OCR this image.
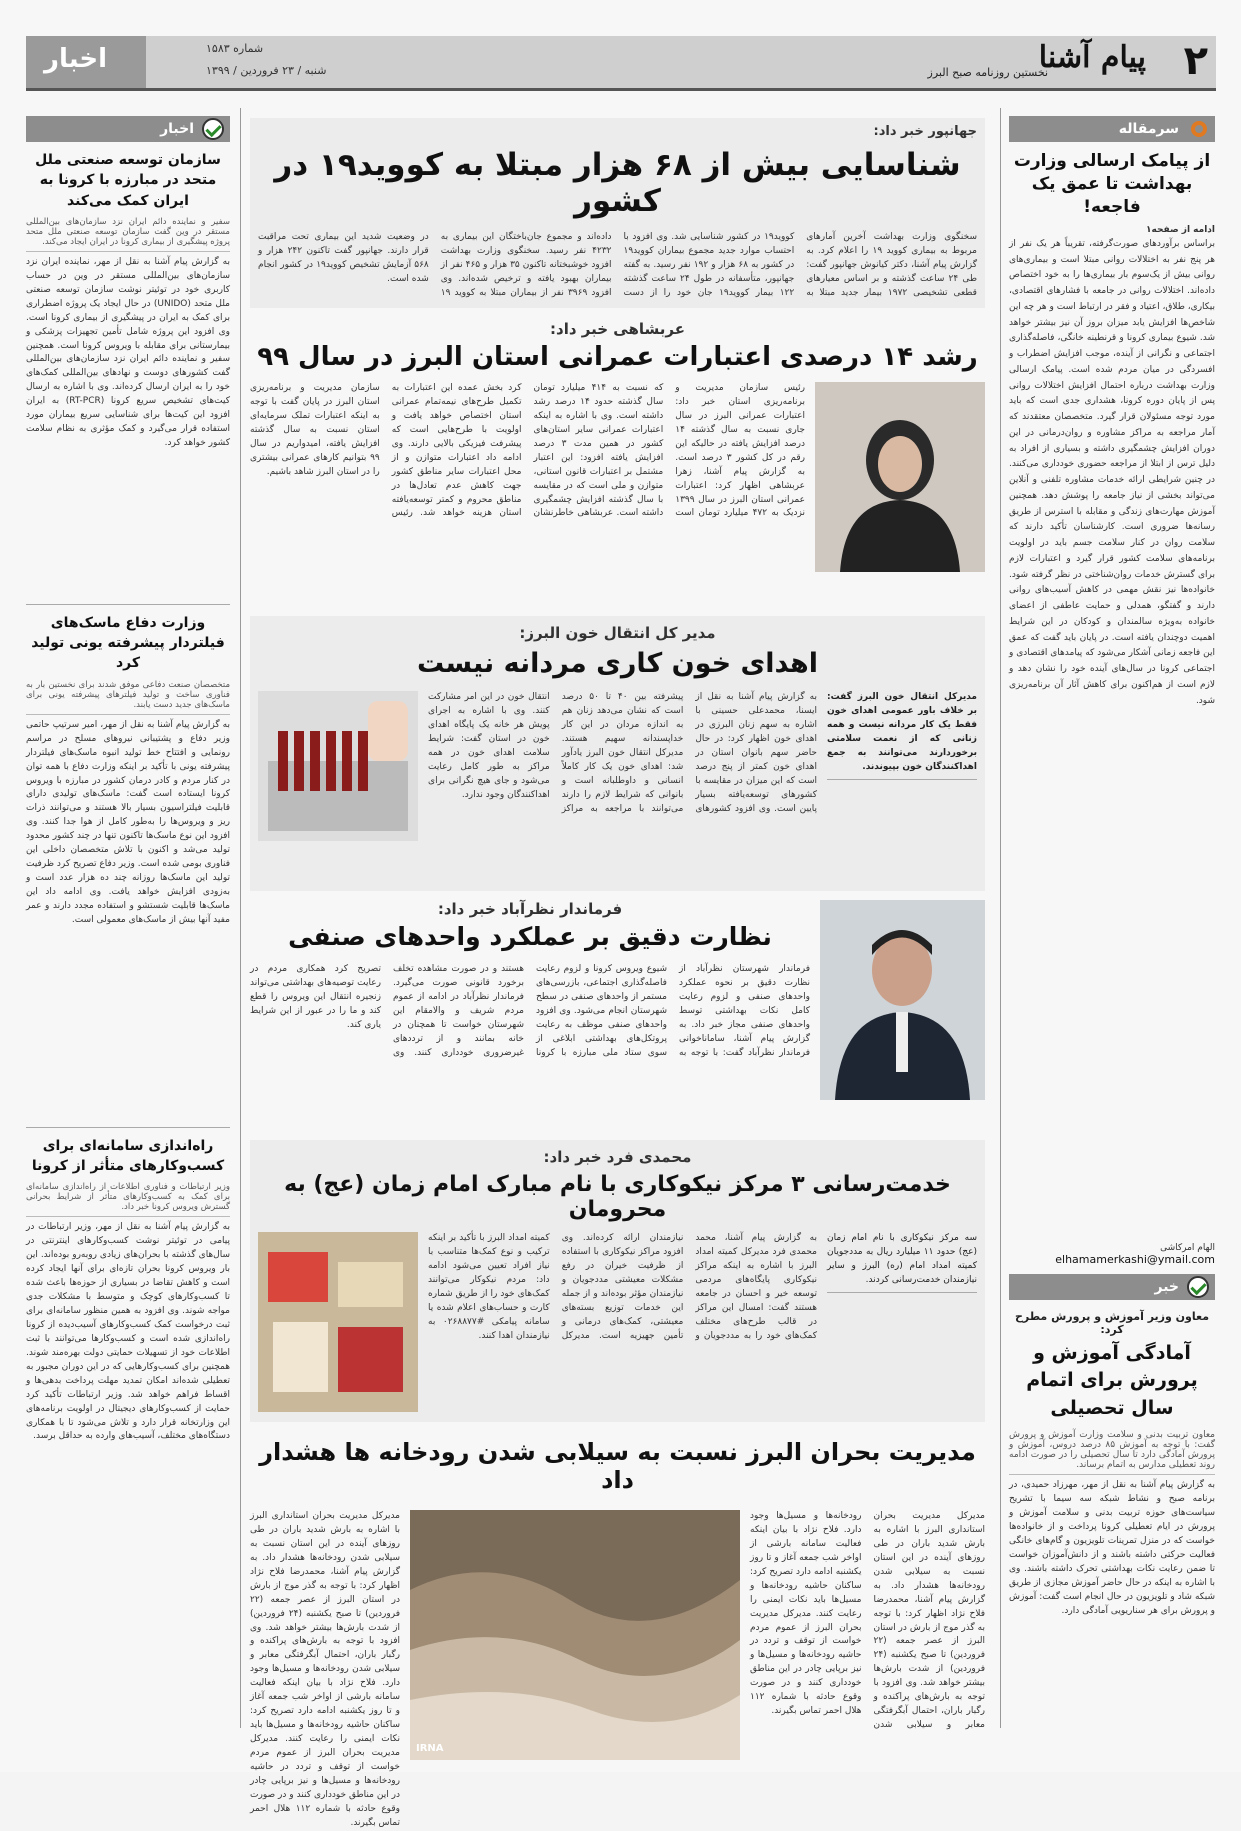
اخبار	۲
پیام آشنا
نخستین روزنامه صبح البرز
شماره ۱۵۸۳
شنبه / ۲۳ فروردین / ۱۳۹۹
سرمقاله
از پیامک ارسالی وزارت بهداشت تا عمق یک فاجعه!
ادامه از صفحه۱
براساس برآوردهای صورت‌گرفته، تقریباً هر یک نفر از هر پنج نفر به اختلالات روانی مبتلا است و بیماری‌های روانی بیش از یک‌سوم بار بیماری‌ها را به خود اختصاص داده‌اند. اختلالات روانی در جامعه با فشارهای اقتصادی، بیکاری، طلاق، اعتیاد و فقر در ارتباط است و هر چه این شاخص‌ها افزایش یابد میزان بروز آن نیز بیشتر خواهد شد. شیوع بیماری کرونا و قرنطینه خانگی، فاصله‌گذاری اجتماعی و نگرانی از آینده، موجب افزایش اضطراب و افسردگی در میان مردم شده است. پیامک ارسالی وزارت بهداشت درباره احتمال افزایش اختلالات روانی پس از پایان دوره کرونا، هشداری جدی است که باید مورد توجه مسئولان قرار گیرد. متخصصان معتقدند که آمار مراجعه به مراکز مشاوره و روان‌درمانی در این دوران افزایش چشمگیری داشته و بسیاری از افراد به دلیل ترس از ابتلا از مراجعه حضوری خودداری می‌کنند. در چنین شرایطی ارائه خدمات مشاوره تلفنی و آنلاین می‌تواند بخشی از نیاز جامعه را پوشش دهد. همچنین آموزش مهارت‌های زندگی و مقابله با استرس از طریق رسانه‌ها ضروری است. کارشناسان تأکید دارند که سلامت روان در کنار سلامت جسم باید در اولویت برنامه‌های سلامت کشور قرار گیرد و اعتبارات لازم برای گسترش خدمات روان‌شناختی در نظر گرفته شود. خانواده‌ها نیز نقش مهمی در کاهش آسیب‌های روانی دارند و گفتگو، همدلی و حمایت عاطفی از اعضای خانواده به‌ویژه سالمندان و کودکان در این شرایط اهمیت دوچندان یافته است. در پایان باید گفت که عمق این فاجعه زمانی آشکار می‌شود که پیامدهای اقتصادی و اجتماعی کرونا در سال‌های آینده خود را نشان دهد و لازم است از هم‌اکنون برای کاهش آثار آن برنامه‌ریزی شود.
الهام امرکاشی
elhamamerkashi@ymail.com
خبر
معاون وزیر آموزش و پرورش مطرح کرد:
آمادگی آموزش و پرورش برای اتمام سال تحصیلی
معاون تربیت بدنی و سلامت وزارت آموزش و پرورش گفت: با توجه به آموزش ۸۵ درصد دروس، آموزش و پرورش آمادگی دارد تا سال تحصیلی را در صورت ادامه روند تعطیلی مدارس به اتمام برساند.
به گزارش پیام آشنا به نقل از مهر، مهرزاد حمیدی، در برنامه صبح و نشاط شبکه سه سیما با تشریح سیاست‌های حوزه تربیت بدنی و سلامت آموزش و پرورش در ایام تعطیلی کرونا پرداخت و از خانواده‌ها خواست که در منزل تمرینات تلویزیون و گام‌های خانگی فعالیت حرکتی داشته باشند و از دانش‌آموزان خواست تا ضمن رعایت نکات بهداشتی تحرک داشته باشند. وی با اشاره به اینکه در حال حاضر آموزش مجازی از طریق شبکه شاد و تلویزیون در حال انجام است گفت: آموزش و پرورش برای هر سناریویی آمادگی دارد.
اخبار
سازمان توسعه صنعتی ملل متحد در مبارزه با کرونا به ایران کمک می‌کند
سفیر و نماینده دائم ایران نزد سازمان‌های بین‌المللی مستقر در وین گفت سازمان توسعه صنعتی ملل متحد پروژه پیشگیری از بیماری کرونا در ایران ایجاد می‌کند.
به گزارش پیام آشنا به نقل از مهر، نماینده ایران نزد سازمان‌های بین‌المللی مستقر در وین در حساب کاربری خود در توئیتر نوشت سازمان توسعه صنعتی ملل متحد (UNIDO) در حال ایجاد یک پروژه اضطراری برای کمک به ایران در پیشگیری از بیماری کرونا است. وی افزود این پروژه شامل تأمین تجهیزات پزشکی و بیمارستانی برای مقابله با ویروس کرونا است. همچنین سفیر و نماینده دائم ایران نزد سازمان‌های بین‌المللی گفت کشورهای دوست و نهادهای بین‌المللی کمک‌های خود را به ایران ارسال کرده‌اند. وی با اشاره به ارسال کیت‌های تشخیص سریع کرونا (RT-PCR) به ایران افزود این کیت‌ها برای شناسایی سریع بیماران مورد استفاده قرار می‌گیرد و کمک مؤثری به نظام سلامت کشور خواهد کرد.
وزارت دفاع ماسک‌های فیلتردار پیشرفته یونی تولید کرد
متخصصان صنعت دفاعی موفق شدند برای نخستین بار به فناوری ساخت و تولید فیلترهای پیشرفته یونی برای ماسک‌های جدید دست یابند.
به گزارش پیام آشنا به نقل از مهر، امیر سرتیپ حاتمی وزیر دفاع و پشتیبانی نیروهای مسلح در مراسم رونمایی و افتتاح خط تولید انبوه ماسک‌های فیلتردار پیشرفته یونی با تأکید بر اینکه وزارت دفاع با همه توان در کنار مردم و کادر درمان کشور در مبارزه با ویروس کرونا ایستاده است گفت: ماسک‌های تولیدی دارای قابلیت فیلتراسیون بسیار بالا هستند و می‌توانند ذرات ریز و ویروس‌ها را به‌طور کامل از هوا جدا کنند. وی افزود این نوع ماسک‌ها تاکنون تنها در چند کشور محدود تولید می‌شد و اکنون با تلاش متخصصان داخلی این فناوری بومی شده است. وزیر دفاع تصریح کرد ظرفیت تولید این ماسک‌ها روزانه چند ده هزار عدد است و به‌زودی افزایش خواهد یافت. وی ادامه داد این ماسک‌ها قابلیت شستشو و استفاده مجدد دارند و عمر مفید آنها بیش از ماسک‌های معمولی است.
راه‌اندازی سامانه‌ای برای کسب‌وکارهای متأثر از کرونا
وزیر ارتباطات و فناوری اطلاعات از راه‌اندازی سامانه‌ای برای کمک به کسب‌وکارهای متأثر از شرایط بحرانی گسترش ویروس کرونا خبر داد.
به گزارش پیام آشنا به نقل از مهر، وزیر ارتباطات در پیامی در توئیتر نوشت کسب‌وکارهای اینترنتی در سال‌های گذشته با بحران‌های زیادی روبه‌رو بوده‌اند. این بار ویروس کرونا بحران تازه‌ای برای آنها ایجاد کرده است و کاهش تقاضا در بسیاری از حوزه‌ها باعث شده تا کسب‌وکارهای کوچک و متوسط با مشکلات جدی مواجه شوند. وی افزود به همین منظور سامانه‌ای برای ثبت درخواست کمک کسب‌وکارهای آسیب‌دیده از کرونا راه‌اندازی شده است و کسب‌وکارها می‌توانند با ثبت اطلاعات خود از تسهیلات حمایتی دولت بهره‌مند شوند. همچنین برای کسب‌وکارهایی که در این دوران مجبور به تعطیلی شده‌اند امکان تمدید مهلت پرداخت بدهی‌ها و اقساط فراهم خواهد شد. وزیر ارتباطات تأکید کرد حمایت از کسب‌وکارهای دیجیتال در اولویت برنامه‌های این وزارتخانه قرار دارد و تلاش می‌شود تا با همکاری دستگاه‌های مختلف، آسیب‌های وارده به حداقل برسد.
جهانپور خبر داد:
شناسایی بیش از ۶۸ هزار مبتلا به کووید۱۹ در کشور
سخنگوی وزارت بهداشت آخرین آمارهای مربوط به بیماری کووید ۱۹ را اعلام کرد. به گزارش پیام آشنا، دکتر کیانوش جهانپور گفت: طی ۲۴ ساعت گذشته و بر اساس معیارهای قطعی تشخیصی ۱۹۷۲ بیمار جدید مبتلا به کووید۱۹ در کشور شناسایی شد. وی افزود با احتساب موارد جدید مجموع بیماران کووید۱۹ در کشور به ۶۸ هزار و ۱۹۲ نفر رسید. به گفته جهانپور، متأسفانه در طول ۲۴ ساعت گذشته ۱۲۲ بیمار کووید۱۹ جان خود را از دست داده‌اند و مجموع جان‌باختگان این بیماری به ۴۲۳۲ نفر رسید. سخنگوی وزارت بهداشت افزود خوشبختانه تاکنون ۳۵ هزار و ۴۶۵ نفر از بیماران بهبود یافته و ترخیص شده‌اند. وی افزود ۳۹۶۹ نفر از بیماران مبتلا به کووید ۱۹ در وضعیت شدید این بیماری تحت مراقبت قرار دارند. جهانپور گفت تاکنون ۲۴۲ هزار و ۵۶۸ آزمایش تشخیص کووید۱۹ در کشور انجام شده است.
عربشاهی خبر داد:
رشد ۱۴ درصدی اعتبارات عمرانی استان البرز در سال ۹۹
رئیس سازمان مدیریت و برنامه‌ریزی استان خبر داد: اعتبارات عمرانی البرز در سال جاری نسبت به سال گذشته ۱۴ درصد افزایش یافته در حالیکه این رقم در کل کشور ۳ درصد است. به گزارش پیام آشنا، زهرا عربشاهی اظهار کرد: اعتبارات عمرانی استان البرز در سال ۱۳۹۹ نزدیک به ۴۷۲ میلیارد تومان است که نسبت به ۴۱۴ میلیارد تومان سال گذشته حدود ۱۴ درصد رشد داشته است. وی با اشاره به اینکه اعتبارات عمرانی سایر استان‌های کشور در همین مدت ۳ درصد افزایش یافته افزود: این اعتبار مشتمل بر اعتبارات قانون استانی، متوازن و ملی است که در مقایسه با سال گذشته افزایش چشمگیری داشته است. عربشاهی خاطرنشان کرد بخش عمده این اعتبارات به تکمیل طرح‌های نیمه‌تمام عمرانی استان اختصاص خواهد یافت و اولویت با طرح‌هایی است که پیشرفت فیزیکی بالایی دارند. وی ادامه داد اعتبارات متوازن و از محل اعتبارات سایر مناطق کشور جهت کاهش عدم تعادل‌ها در مناطق محروم و کمتر توسعه‌یافته استان هزینه خواهد شد. رئیس سازمان مدیریت و برنامه‌ریزی استان البرز در پایان گفت با توجه به اینکه اعتبارات تملک سرمایه‌ای استان نسبت به سال گذشته افزایش یافته، امیدواریم در سال ۹۹ بتوانیم کارهای عمرانی بیشتری را در استان البرز شاهد باشیم.
مدیر کل انتقال خون البرز:
اهدای خون کاری مردانه نیست
مدیرکل انتقال خون البرز گفت: بر خلاف باور عمومی اهدای خون فقط یک کار مردانه نیست و همه زنانی که از نعمت سلامتی برخوردارند می‌توانند به جمع اهداکنندگان خون بپیوندند.
به گزارش پیام آشنا به نقل از ایسنا، محمدعلی حسینی با اشاره به سهم زنان البرزی در اهدای خون اظهار کرد: در حال حاضر سهم بانوان استان در اهدای خون کمتر از پنج درصد است که این میزان در مقایسه با کشورهای توسعه‌یافته بسیار پایین است. وی افزود کشورهای پیشرفته بین ۴۰ تا ۵۰ درصد است که نشان می‌دهد زنان هم به اندازه مردان در این کار خداپسندانه سهیم هستند. مدیرکل انتقال خون البرز یادآور شد: اهدای خون یک کار کاملاً انسانی و داوطلبانه است و بانوانی که شرایط لازم را دارند می‌توانند با مراجعه به مراکز انتقال خون در این امر مشارکت کنند. وی با اشاره به اجرای پویش هر خانه یک پایگاه اهدای خون در استان گفت: شرایط سلامت اهدای خون در همه مراکز به طور کامل رعایت می‌شود و جای هیچ نگرانی برای اهداکنندگان وجود ندارد.
فرماندار نظرآباد خبر داد:
نظارت دقیق بر عملکرد واحدهای صنفی
فرماندار شهرستان نظرآباد از نظارت دقیق بر نحوه عملکرد واحدهای صنفی و لزوم رعایت کامل نکات بهداشتی توسط واحدهای صنفی مجاز خبر داد. به گزارش پیام آشنا، ساماناخوانی فرماندار نظرآباد گفت: با توجه به شیوع ویروس کرونا و لزوم رعایت فاصله‌گذاری اجتماعی، بازرسی‌های مستمر از واحدهای صنفی در سطح شهرستان انجام می‌شود. وی افزود واحدهای صنفی موظف به رعایت پروتکل‌های بهداشتی ابلاغی از سوی ستاد ملی مبارزه با کرونا هستند و در صورت مشاهده تخلف برخورد قانونی صورت می‌گیرد. فرماندار نظرآباد در ادامه از عموم مردم شریف و والامقام این شهرستان خواست تا همچنان در خانه بمانند و از ترددهای غیرضروری خودداری کنند. وی تصریح کرد همکاری مردم در رعایت توصیه‌های بهداشتی می‌تواند زنجیره انتقال این ویروس را قطع کند و ما را در عبور از این شرایط یاری کند.
محمدی فرد خبر داد:
خدمت‌رسانی ۳ مرکز نیکوکاری با نام مبارک امام زمان (عج) به محرومان
سه مرکز نیکوکاری با نام امام زمان (عج) حدود ۱۱ میلیارد ریال به مددجویان کمیته امداد امام (ره) البرز و سایر نیازمندان خدمت‌رسانی کردند.
به گزارش پیام آشنا، محمد محمدی فرد مدیرکل کمیته امداد البرز با اشاره به اینکه مراکز نیکوکاری پایگاه‌های مردمی توسعه خیر و احسان در جامعه هستند گفت: امسال این مراکز در قالب طرح‌های مختلف کمک‌های خود را به مددجویان و نیازمندان ارائه کرده‌اند. وی افزود مراکز نیکوکاری با استفاده از ظرفیت خیران در رفع مشکلات معیشتی مددجویان و نیازمندان مؤثر بوده‌اند و از جمله این خدمات توزیع بسته‌های معیشتی، کمک‌های درمانی و تأمین جهیزیه است. مدیرکل کمیته امداد البرز با تأکید بر اینکه ترکیب و نوع کمک‌ها متناسب با نیاز افراد تعیین می‌شود ادامه داد: مردم نیکوکار می‌توانند کمک‌های خود را از طریق شماره کارت و حساب‌های اعلام شده یا سامانه پیامکی #۰۲۶۸۸۷۷ به نیازمندان اهدا کنند.
مدیریت بحران البرز نسبت به سیلابی شدن رودخانه ها هشدار داد
مدیرکل مدیریت بحران استانداری البرز با اشاره به بارش شدید باران در طی روزهای آینده در این استان نسبت به سیلابی شدن رودخانه‌ها هشدار داد. به گزارش پیام آشنا، محمدرضا فلاح نژاد اظهار کرد: با توجه به گذر موج از بارش در استان البرز از عصر جمعه (۲۲ فروردین) تا صبح یکشنبه (۲۴ فروردین) از شدت بارش‌ها بیشتر خواهد شد. وی افزود با توجه به بارش‌های پراکنده و رگبار باران، احتمال آبگرفتگی معابر و سیلابی شدن رودخانه‌ها و مسیل‌ها وجود دارد. فلاح نژاد با بیان اینکه فعالیت سامانه بارشی از اواخر شب جمعه آغاز و تا روز یکشنبه ادامه دارد تصریح کرد: ساکنان حاشیه رودخانه‌ها و مسیل‌ها باید نکات ایمنی را رعایت کنند. مدیرکل مدیریت بحران البرز از عموم مردم خواست از توقف و تردد در حاشیه رودخانه‌ها و مسیل‌ها و نیز برپایی چادر در این مناطق خودداری کنند و در صورت وقوع حادثه با شماره ۱۱۲ هلال احمر تماس بگیرند.
IRNA
مدیرکل مدیریت بحران استانداری البرز با اشاره به بارش شدید باران در طی روزهای آینده در این استان نسبت به سیلابی شدن رودخانه‌ها هشدار داد. به گزارش پیام آشنا، محمدرضا فلاح نژاد اظهار کرد: با توجه به گذر موج از بارش در استان البرز از عصر جمعه (۲۲ فروردین) تا صبح یکشنبه (۲۴ فروردین) از شدت بارش‌ها بیشتر خواهد شد. وی افزود با توجه به بارش‌های پراکنده و رگبار باران، احتمال آبگرفتگی معابر و سیلابی شدن رودخانه‌ها و مسیل‌ها وجود دارد. فلاح نژاد با بیان اینکه فعالیت سامانه بارشی از اواخر شب جمعه آغاز و تا روز یکشنبه ادامه دارد تصریح کرد: ساکنان حاشیه رودخانه‌ها و مسیل‌ها باید نکات ایمنی را رعایت کنند. مدیرکل مدیریت بحران البرز از عموم مردم خواست از توقف و تردد در حاشیه رودخانه‌ها و مسیل‌ها و نیز برپایی چادر در این مناطق خودداری کنند و در صورت وقوع حادثه با شماره ۱۱۲ هلال احمر تماس بگیرند.
